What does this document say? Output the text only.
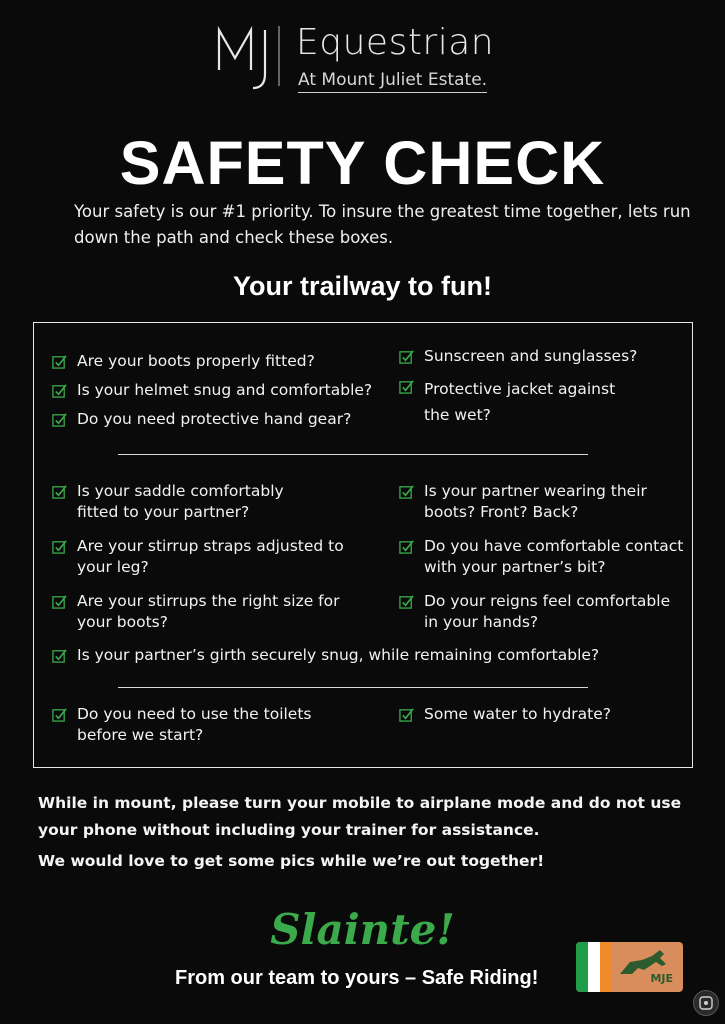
Equestrian
At Mount Juliet Estate.
SAFETY CHECK
Your safety is our #1 priority. To insure the greatest time together, lets run down the path and check these boxes.
Your trailway to fun!
Are your boots properly fitted?
Is your helmet snug and comfortable?
Do you need protective hand gear?
Sunscreen and sunglasses?
Protective jacket against the wet?
Is your saddle comfortably fitted to your partner?
Are your stirrup straps adjusted to your leg?
Are your stirrups the right size for your boots?
Is your partner wearing their boots? Front? Back?
Do you have comfortable contact with your partner’s bit?
Do your reigns feel comfortable in your hands?
Is your partner’s girth securely snug, while remaining comfortable?
Do you need to use the toilets before we start?
Some water to hydrate?
While in mount, please turn your mobile to airplane mode and do not use your phone without including your trainer for assistance.
We would love to get some pics while we’re out together!
Slainte!
From our team to yours – Safe Riding!	MJE
